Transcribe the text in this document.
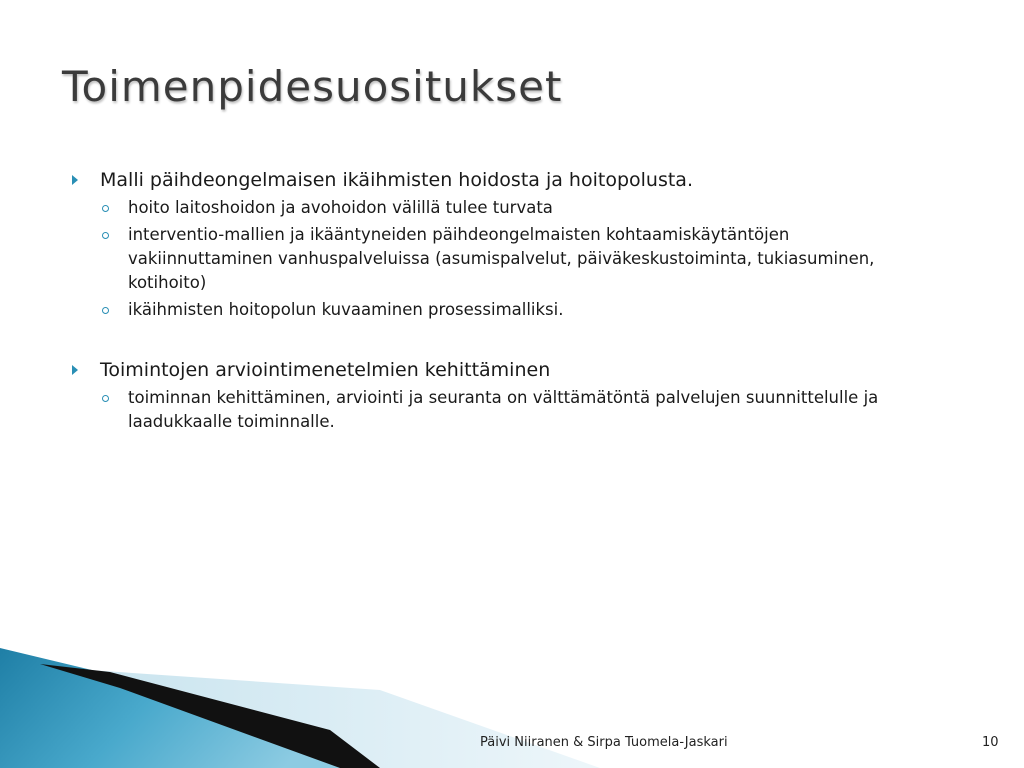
Toimenpidesuositukset
Malli päihdeongelmaisen ikäihmisten hoidosta ja hoitopolusta.
hoito laitoshoidon ja avohoidon välillä tulee turvata
interventio-mallien ja ikääntyneiden päihdeongelmaisten kohtaamiskäytäntöjen vakiinnuttaminen vanhuspalveluissa (asumispalvelut, päiväkeskustoiminta, tukiasuminen, kotihoito)
ikäihmisten hoitopolun kuvaaminen prosessimalliksi.
Toimintojen arviointimenetelmien kehittäminen
toiminnan kehittäminen, arviointi ja seuranta on välttämätöntä palvelujen suunnittelulle ja laadukkaalle toiminnalle.
Päivi Niiranen & Sirpa Tuomela-Jaskari	10
